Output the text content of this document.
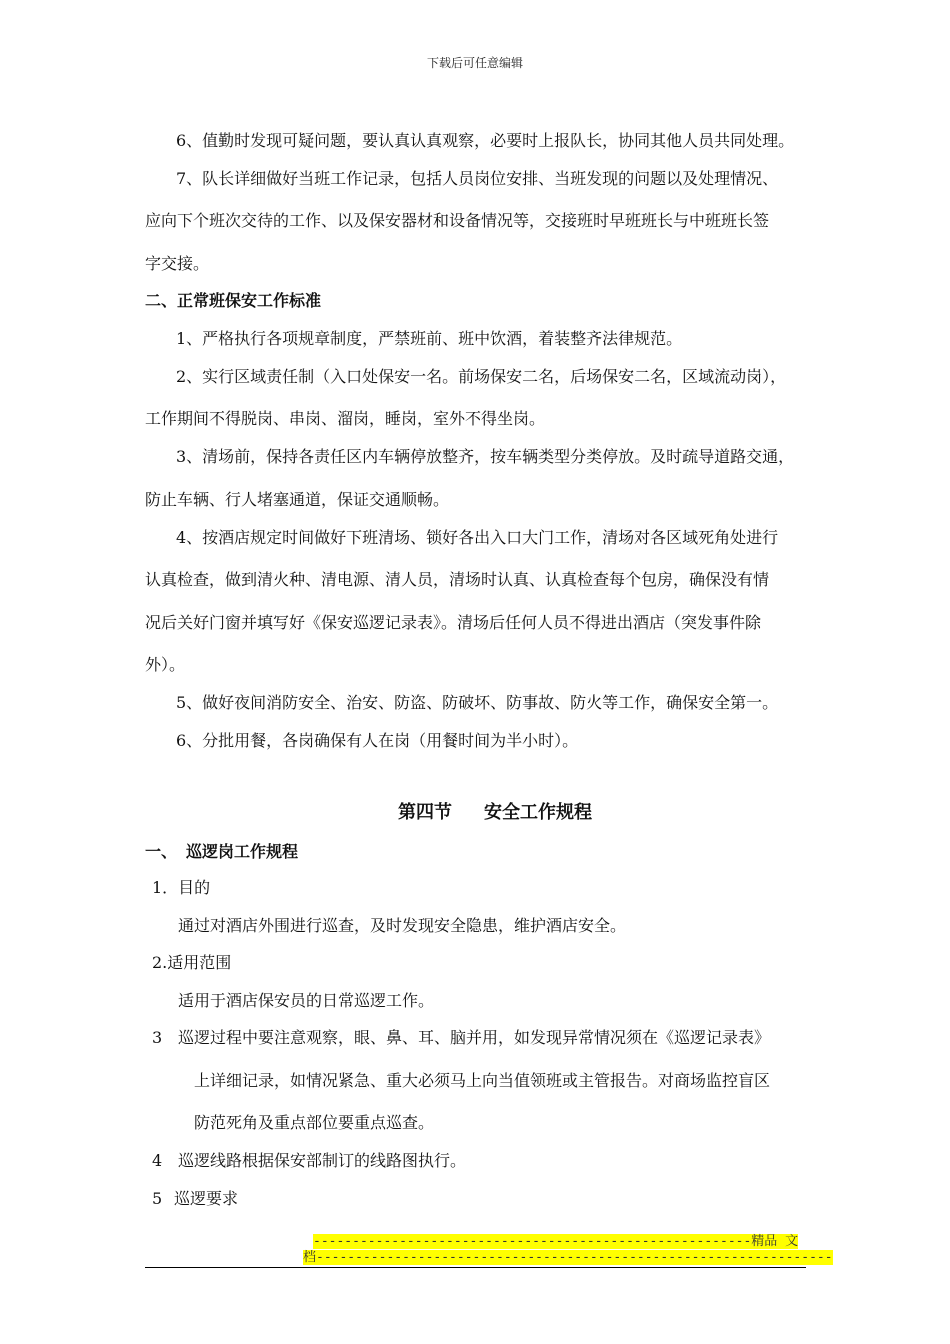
下载后可任意编辑
6、值勤时发现可疑问题，要认真认真观察，必要时上报队长，协同其他人员共同处理。
7、队长详细做好当班工作记录，包括人员岗位安排、当班发现的问题以及处理情况、
应向下个班次交待的工作、以及保安器材和设备情况等，交接班时早班班长与中班班长签
字交接。
二、正常班保安工作标准
1、严格执行各项规章制度，严禁班前、班中饮酒，着装整齐法律规范。
2、实行区域责任制（入口处保安一名。前场保安二名，后场保安二名，区域流动岗），
工作期间不得脱岗、串岗、溜岗，睡岗，室外不得坐岗。
3、清场前，保持各责任区内车辆停放整齐，按车辆类型分类停放。及时疏导道路交通，
防止车辆、行人堵塞通道，保证交通顺畅。
4、按酒店规定时间做好下班清场、锁好各出入口大门工作，清场对各区域死角处进行
认真检查，做到清火种、清电源、清人员，清场时认真、认真检查每个包房，确保没有情
况后关好门窗并填写好《保安巡逻记录表》。清场后任何人员不得进出酒店（突发事件除
外）。
5、做好夜间消防安全、治安、防盗、防破坏、防事故、防火等工作，确保安全第一。
6、分批用餐，各岗确保有人在岗（用餐时间为半小时）。
第四节 安全工作规程
一、 巡逻岗工作规程
1．目的
通过对酒店外围进行巡查，及时发现安全隐患，维护酒店安全。
2.适用范围
适用于酒店保安员的日常巡逻工作。
3 巡逻过程中要注意观察，眼、鼻、耳、脑并用，如发现异常情况须在《巡逻记录表》
上详细记录，如情况紧急、重大必须马上向当值领班或主管报告。对商场监控盲区
防范死角及重点部位要重点巡查。
4 巡逻线路根据保安部制订的线路图执行。
5 巡逻要求
--------------------------------------------------------精品 文
档------------------------------------------------------------------
